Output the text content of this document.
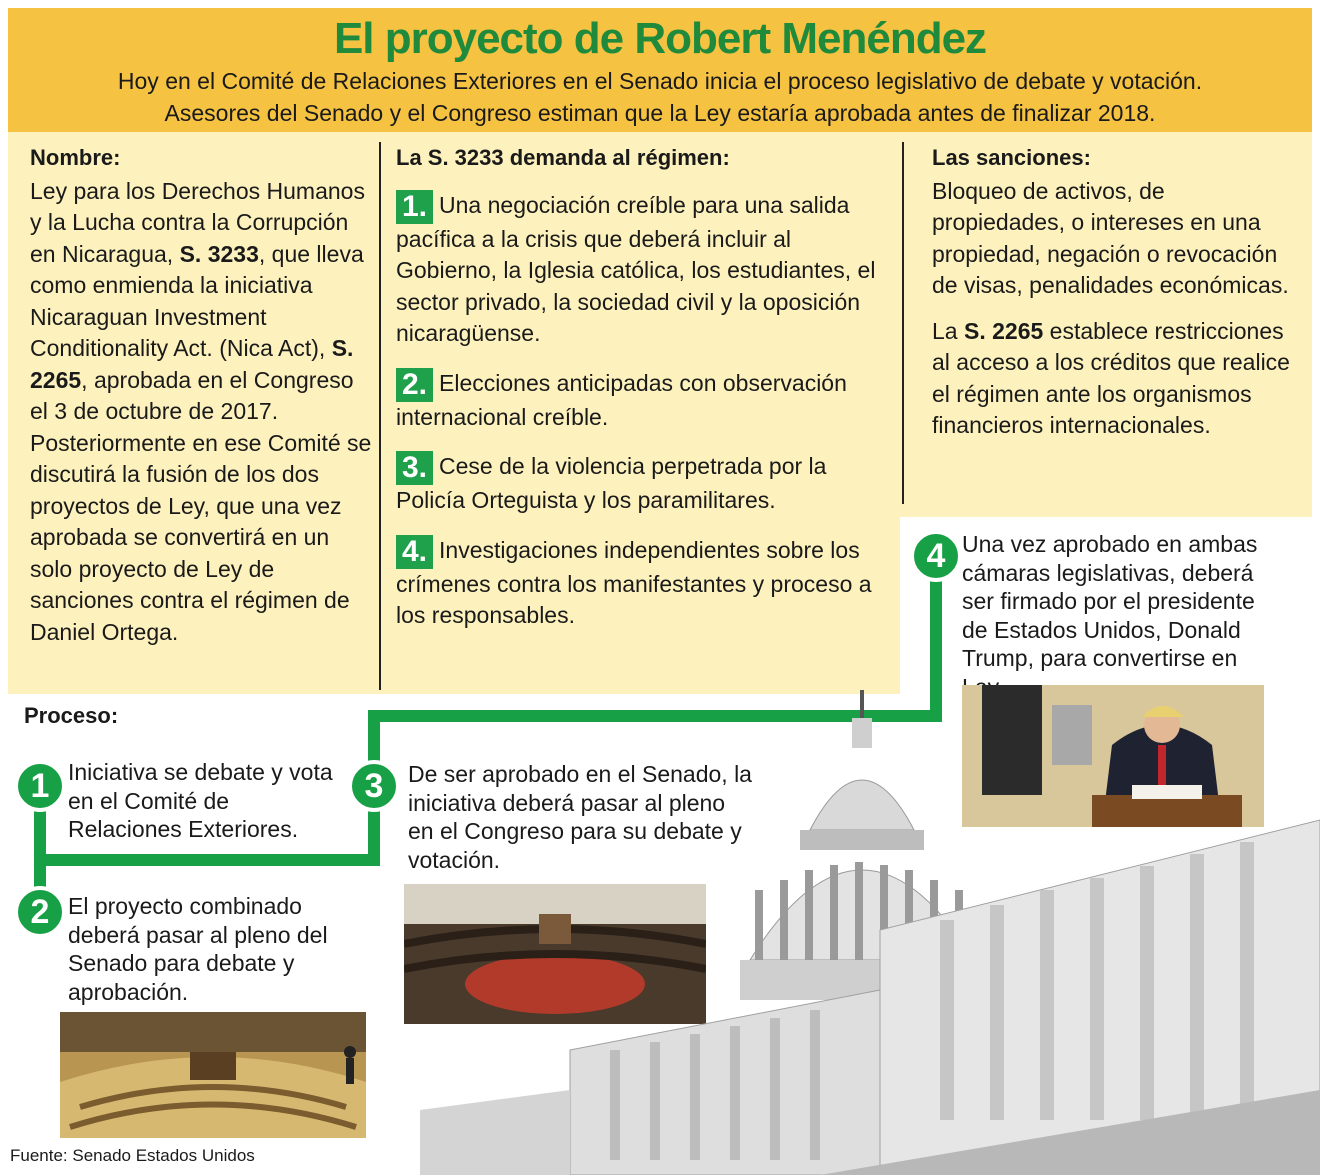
El proyecto de Robert Menéndez

Hoy en el Comité de Relaciones Exteriores en el Senado inicia el proceso legislativo de debate y votación.

Asesores del Senado y el Congreso estiman que la Ley estaría aprobada antes de finalizar 2018.

Nombre:
Ley para los Derechos Humanos y la Lucha contra la Corrupción en Nicaragua, S. 3233, que lleva como enmienda la iniciativa Nicaraguan Investment Conditionality Act. (Nica Act), S. 2265, aprobada en el Congreso el 3 de octubre de 2017. Posteriormente en ese Comité se discutirá la fusión de los dos proyectos de Ley, que una vez aprobada se convertirá en un solo proyecto de Ley de sanciones contra el régimen de Daniel Ortega.
La S. 3233 demanda al régimen:
1. Una negociación creíble para una salida pacífica a la crisis que deberá incluir al Gobierno, la Iglesia católica, los estudiantes, el sector privado, la sociedad civil y la oposición nicaragüense.
2. Elecciones anticipadas con observación internacional creíble.
3. Cese de la violencia perpetrada por la Policía Orteguista y los paramilitares.
4. Investigaciones independientes sobre los crímenes contra los manifestantes y proceso a los responsables.
Las sanciones:
Bloqueo de activos, de propiedades, o intereses en una propiedad, negación o revocación de visas, penalidades económicas.
La S. 2265 establece restricciones al acceso a los créditos que realice el régimen ante los organismos financieros internacionales.
Proceso:
1
2
3
4
Iniciativa se debate y vota en el Comité de Relaciones Exteriores.
El proyecto combinado deberá pasar al pleno del Senado para debate y aprobación.
De ser aprobado en el Senado, la iniciativa deberá pasar al pleno en el Congreso para su debate y votación.
Una vez aprobado en ambas cámaras legislativas, deberá ser firmado por el presidente de Estados Unidos, Donald Trump, para convertirse en
Fuente: Senado Estados Unidos
